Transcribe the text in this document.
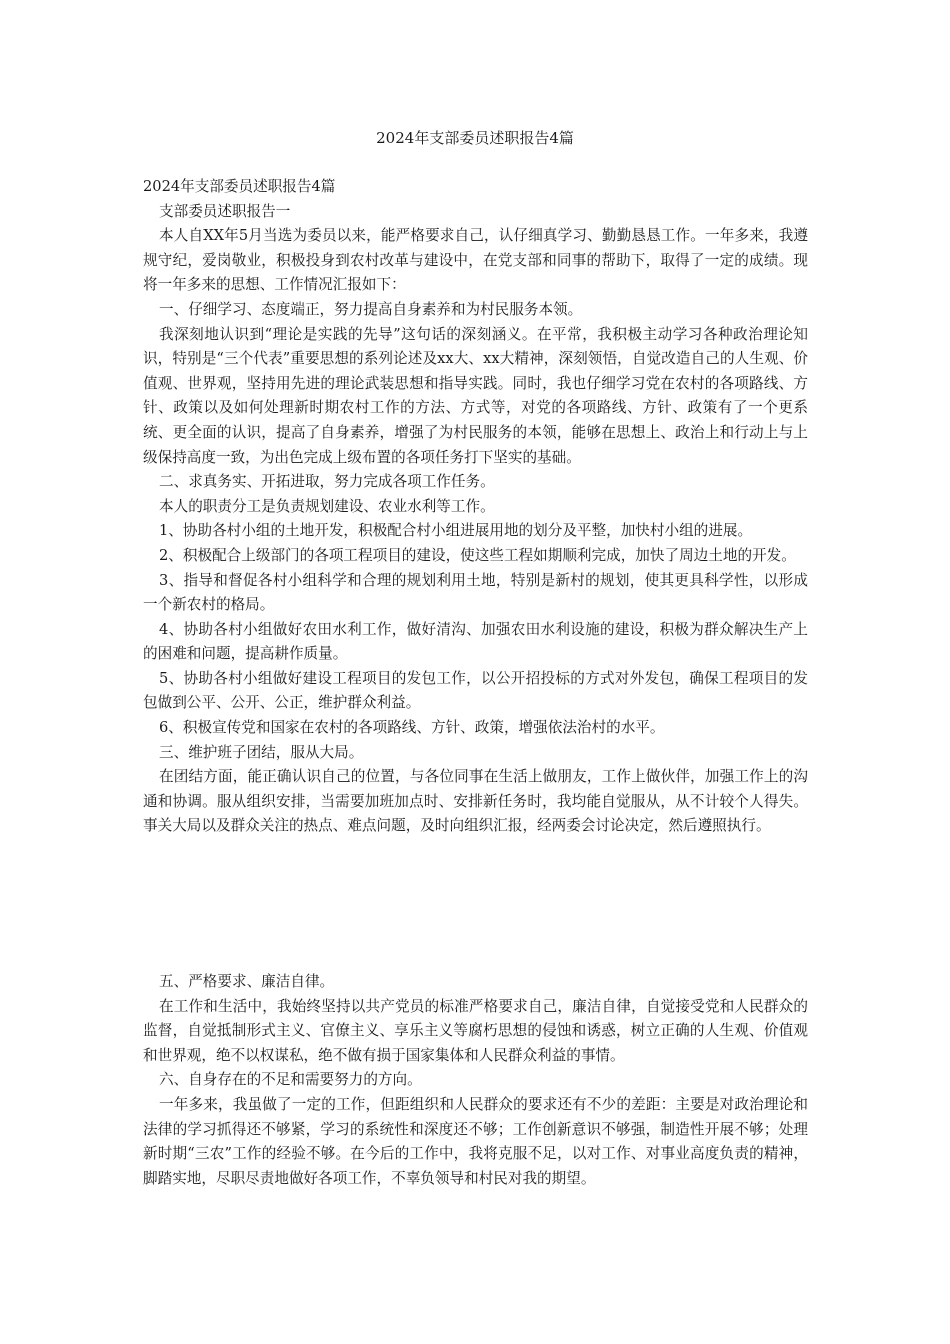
2024年支部委员述职报告4篇

2024年支部委员述职报告4篇

支部委员述职报告一

本人自XX年5月当选为委员以来，能严格要求自己，认仔细真学习、勤勤恳恳工作。一年多来，我遵规守纪，爱岗敬业，积极投身到农村改革与建设中，在党支部和同事的帮助下，取得了一定的成绩。现将一年多来的思想、工作情况汇报如下：

一、仔细学习、态度端正，努力提高自身素养和为村民服务本领。

我深刻地认识到“理论是实践的先导”这句话的深刻涵义。在平常，我积极主动学习各种政治理论知识，特别是“三个代表”重要思想的系列论述及xx大、xx大精神，深刻领悟，自觉改造自己的人生观、价值观、世界观，坚持用先进的理论武装思想和指导实践。同时，我也仔细学习党在农村的各项路线、方针、政策以及如何处理新时期农村工作的方法、方式等，对党的各项路线、方针、政策有了一个更系统、更全面的认识，提高了自身素养，增强了为村民服务的本领，能够在思想上、政治上和行动上与上级保持高度一致，为出色完成上级布置的各项任务打下坚实的基础。

二、求真务实、开拓进取，努力完成各项工作任务。

本人的职责分工是负责规划建设、农业水利等工作。

1、协助各村小组的土地开发，积极配合村小组进展用地的划分及平整，加快村小组的进展。

2、积极配合上级部门的各项工程项目的建设，使这些工程如期顺利完成，加快了周边土地的开发。

3、指导和督促各村小组科学和合理的规划利用土地，特别是新村的规划，使其更具科学性，以形成一个新农村的格局。

4、协助各村小组做好农田水利工作，做好清沟、加强农田水利设施的建设，积极为群众解决生产上的困难和问题，提高耕作质量。

5、协助各村小组做好建设工程项目的发包工作，以公开招投标的方式对外发包，确保工程项目的发包做到公平、公开、公正，维护群众利益。

6、积极宣传党和国家在农村的各项路线、方针、政策，增强依法治村的水平。

三、维护班子团结，服从大局。

在团结方面，能正确认识自己的位置，与各位同事在生活上做朋友，工作上做伙伴，加强工作上的沟通和协调。服从组织安排，当需要加班加点时、安排新任务时，我均能自觉服从，从不计较个人得失。事关大局以及群众关注的热点、难点问题，及时向组织汇报，经两委会讨论决定，然后遵照执行。

五、严格要求、廉洁自律。

在工作和生活中，我始终坚持以共产党员的标准严格要求自己，廉洁自律，自觉接受党和人民群众的监督，自觉抵制形式主义、官僚主义、享乐主义等腐朽思想的侵蚀和诱惑，树立正确的人生观、价值观和世界观，绝不以权谋私，绝不做有损于国家集体和人民群众利益的事情。

六、自身存在的不足和需要努力的方向。

一年多来，我虽做了一定的工作，但距组织和人民群众的要求还有不少的差距：主要是对政治理论和法律的学习抓得还不够紧，学习的系统性和深度还不够；工作创新意识不够强，制造性开展不够；处理新时期“三农”工作的经验不够。在今后的工作中，我将克服不足，以对工作、对事业高度负责的精神，脚踏实地，尽职尽责地做好各项工作，不辜负领导和村民对我的期望。
